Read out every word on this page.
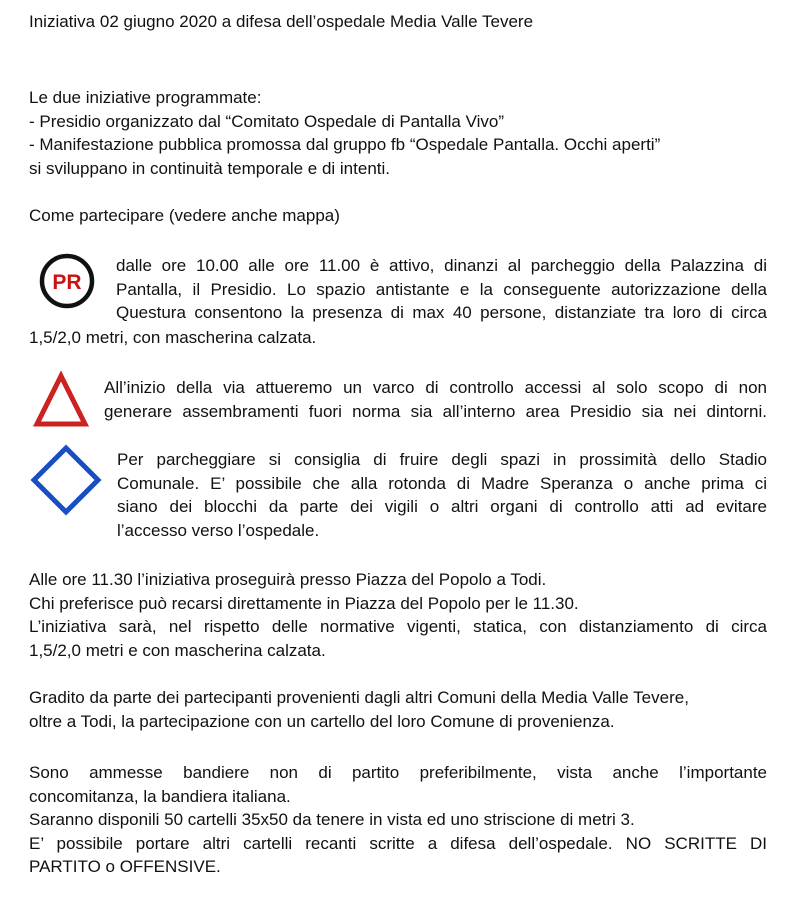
Iniziativa 02 giugno 2020 a difesa dell’ospedale Media Valle Tevere
Le due iniziative programmate:
- Presidio organizzato dal “Comitato Ospedale di Pantalla Vivo”
- Manifestazione pubblica promossa dal gruppo fb “Ospedale Pantalla. Occhi aperti”
si sviluppano in continuità temporale e di intenti.
Come partecipare (vedere anche mappa)
PR
dalle ore 10.00 alle ore 11.00 è attivo, dinanzi al parcheggio della Palazzina di
Pantalla, il Presidio. Lo spazio antistante e la conseguente autorizzazione della
Questura consentono la presenza di max 40 persone, distanziate tra loro di circa
1,5/2,0 metri, con mascherina calzata.
All’inizio della via attueremo un varco di controllo accessi al solo scopo di non
generare assembramenti fuori norma sia all’interno area Presidio sia nei dintorni.
Per parcheggiare si consiglia di fruire degli spazi in prossimità dello Stadio
Comunale. E’ possibile che alla rotonda di Madre Speranza o anche prima ci
siano dei blocchi da parte dei vigili o altri organi di controllo atti ad evitare
l’accesso verso l’ospedale.
Alle ore 11.30 l’iniziativa proseguirà presso Piazza del Popolo a Todi.
Chi preferisce può recarsi direttamente in Piazza del Popolo per le 11.30.
L’iniziativa sarà, nel rispetto delle normative vigenti, statica, con distanziamento di circa
1,5/2,0 metri e con mascherina calzata.
Gradito da parte dei partecipanti provenienti dagli altri Comuni della Media Valle Tevere,
oltre a Todi, la partecipazione con un cartello del loro Comune di provenienza.
Sono ammesse bandiere non di partito preferibilmente, vista anche l’importante
concomitanza, la bandiera italiana.
Saranno disponili 50 cartelli 35x50 da tenere in vista ed uno striscione di metri 3.
E’ possibile portare altri cartelli recanti scritte a difesa dell’ospedale. NO SCRITTE DI
PARTITO o OFFENSIVE.
